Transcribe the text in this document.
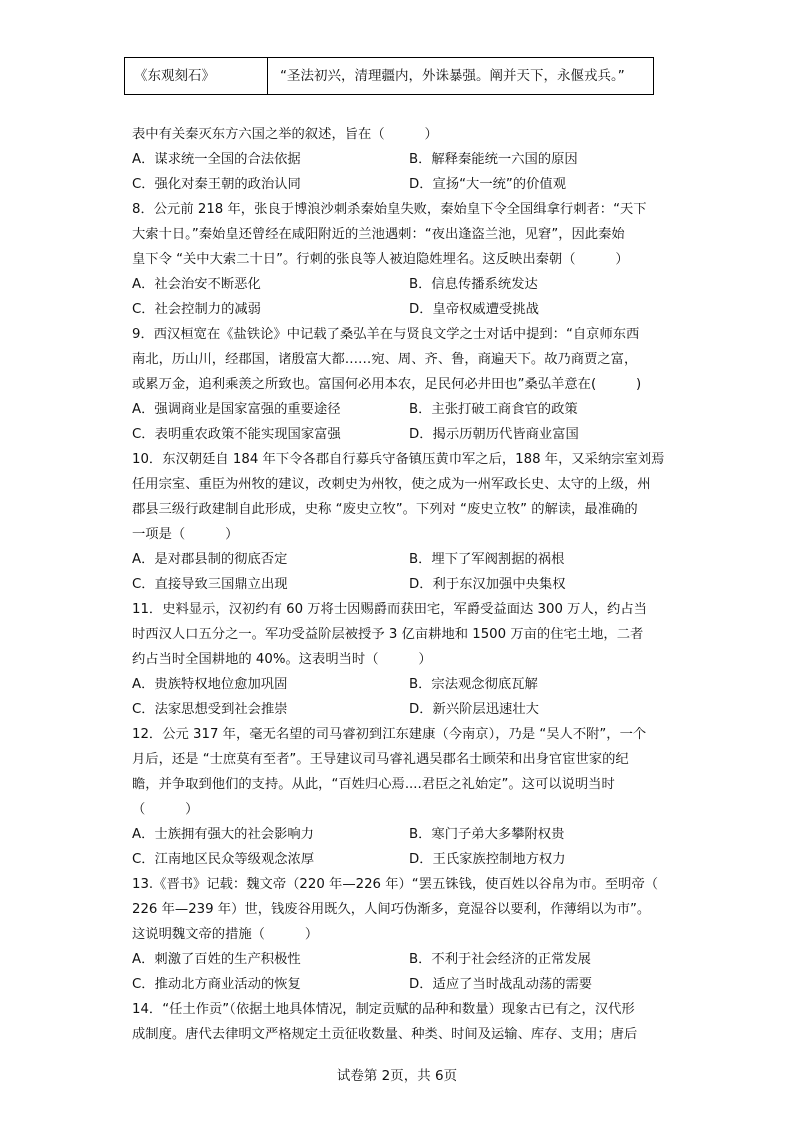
《东观刻石》	“圣法初兴，清理疆内，外诛暴强。阐并天下，永偃戎兵。”
表中有关秦灭东方六国之举的叙述，旨在（　　　）
A．谋求统一全国的合法依据	B．解释秦能统一六国的原因
C．强化对秦王朝的政治认同	D．宣扬“大一统”的价值观
8．公元前 218 年，张良于博浪沙刺杀秦始皇失败，秦始皇下令全国缉拿行刺者：“天下
大索十日。”秦始皇还曾经在咸阳附近的兰池遇刺：“夜出逢盗兰池，见窘”，因此秦始
皇下令 “关中大索二十日”。行刺的张良等人被迫隐姓埋名。这反映出秦朝（　　　）
A．社会治安不断恶化	B．信息传播系统发达
C．社会控制力的减弱	D．皇帝权威遭受挑战
9．西汉桓宽在《盐铁论》中记载了桑弘羊在与贤良文学之士对话中提到：“自京师东西
南北，历山川，经郡国，诸殷富大都……宛、周、齐、鲁，商遍天下。故乃商贾之富，
或累万金，追利乘羡之所致也。富国何必用本农，足民何必井田也”桑弘羊意在(　　　)
A．强调商业是国家富强的重要途径	B．主张打破工商食官的政策
C．表明重农政策不能实现国家富强	D．揭示历朝历代皆商业富国
10．东汉朝廷自 184 年下令各郡自行募兵守备镇压黄巾军之后，188 年，又采纳宗室刘焉
任用宗室、重臣为州牧的建议，改刺史为州牧，使之成为一州军政长史、太守的上级，州
郡县三级行政建制自此形成，史称 “废史立牧”。下列对 “废史立牧” 的解读，最准确的
一项是（　　　）
A．是对郡县制的彻底否定	B．埋下了军阀割据的祸根
C．直接导致三国鼎立出现	D．利于东汉加强中央集权
11．史料显示，汉初约有 60 万将士因赐爵而获田宅，军爵受益面达 300 万人，约占当
时西汉人口五分之一。军功受益阶层被授予 3 亿亩耕地和 1500 万亩的住宅土地，二者
约占当时全国耕地的 40%。这表明当时（　　　）
A．贵族特权地位愈加巩固	B．宗法观念彻底瓦解
C．法家思想受到社会推崇	D．新兴阶层迅速壮大
12．公元 317 年，毫无名望的司马睿初到江东建康（今南京），乃是 “吴人不附”，一个
月后，还是 “士庶莫有至者”。王导建议司马睿礼遇吴郡名士顾荣和出身官宦世家的纪
瞻，并争取到他们的支持。从此，“百姓归心焉....君臣之礼始定”。这可以说明当时
（　　　）
A．士族拥有强大的社会影响力	B．寒门子弟大多攀附权贵
C．江南地区民众等级观念浓厚	D．王氏家族控制地方权力
13.《晋书》记载：魏文帝（220 年—226 年）“罢五铢钱，使百姓以谷帛为市。至明帝（
226 年—239 年）世，钱废谷用既久，人间巧伪渐多，竟湿谷以要利，作薄绢以为市”。
这说明魏文帝的措施（　　　）
A．刺激了百姓的生产积极性	B．不利于社会经济的正常发展
C．推动北方商业活动的恢复	D．适应了当时战乱动荡的需要
14．“任土作贡”（依据土地具体情况，制定贡赋的品种和数量）现象古已有之，汉代形
成制度。唐代去律明文严格规定土贡征收数量、种类、时间及运输、库存、支用；唐后
试卷第 2页，共 6页
